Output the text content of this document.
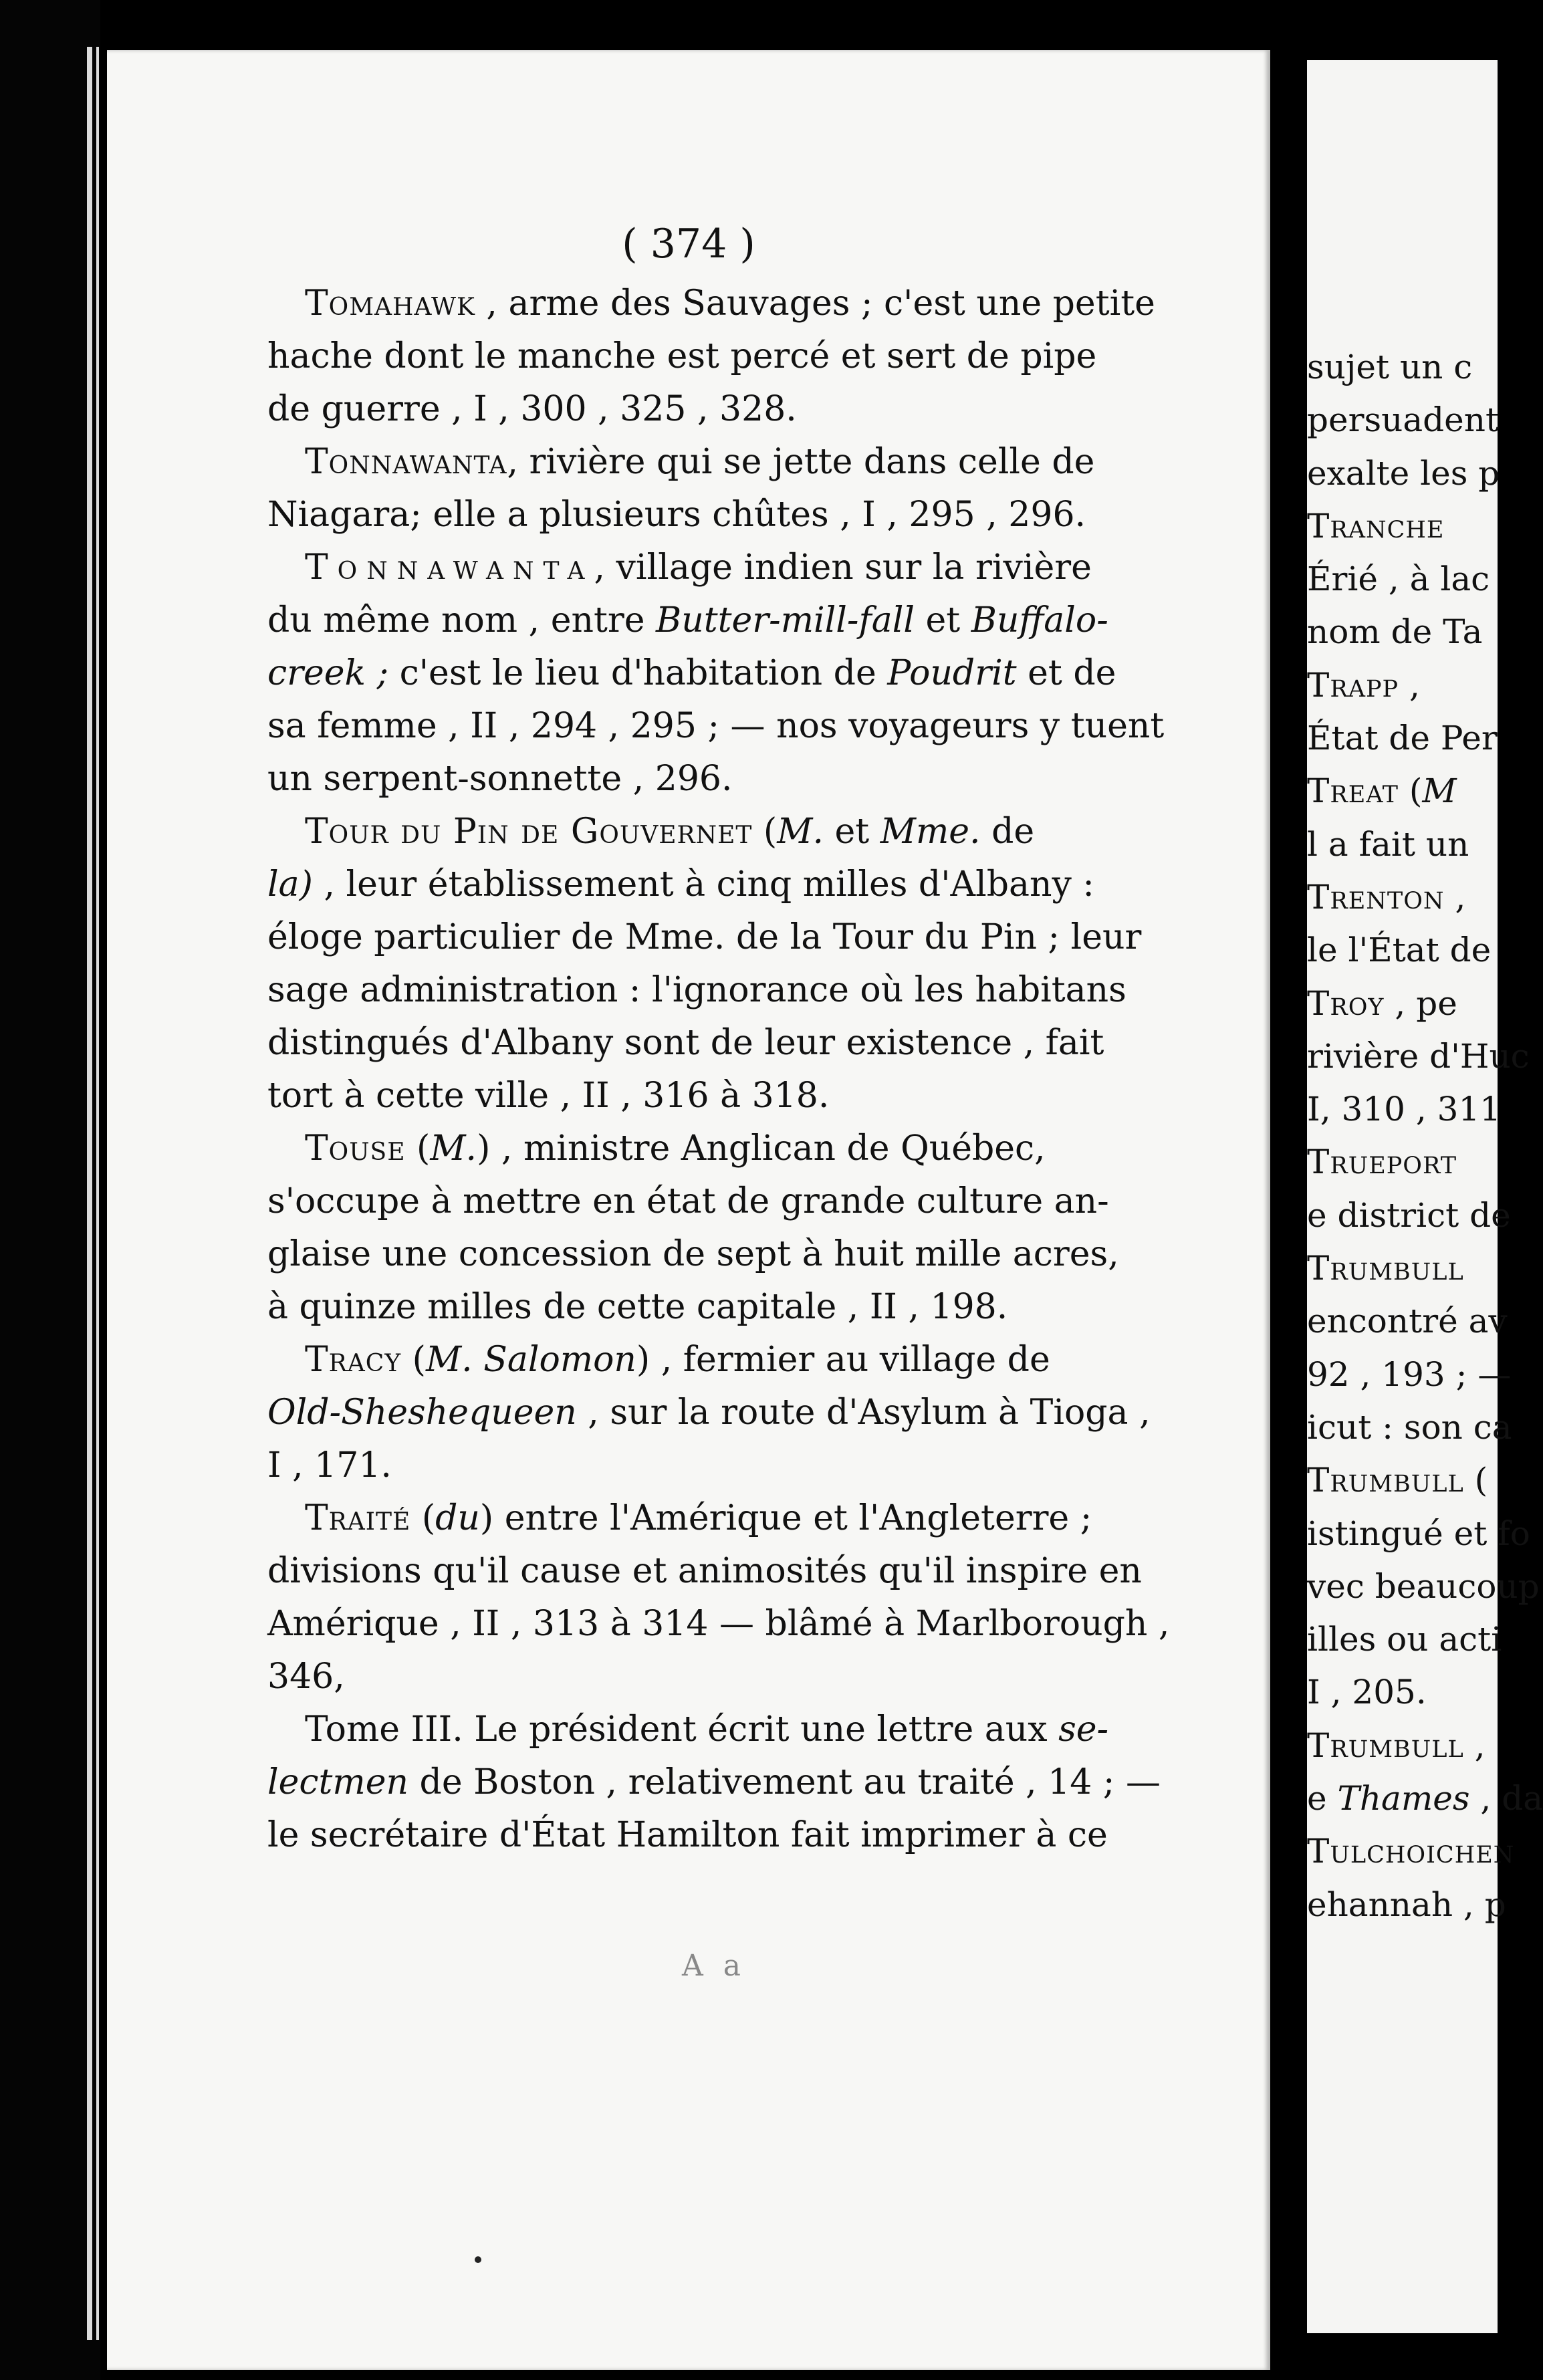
( 374 )
A a
Tomahawk , arme des Sauvages ; c'est une petite
hache dont le manche est percé et sert de pipe
de guerre , I , 300 , 325 , 328.
Tonnawanta, rivière qui se jette dans celle de
Niagara; elle a plusieurs chûtes , I , 295 , 296.
Tonnawanta, village indien sur la rivière
du même nom , entre Butter-mill-fall et Buffalo-
creek ; c'est le lieu d'habitation de Poudrit et de
sa femme , II , 294 , 295 ; — nos voyageurs y tuent
un serpent-sonnette , 296.
Tour du Pin de Gouvernet (M. et Mme. de
la) , leur établissement à cinq milles d'Albany :
éloge particulier de Mme. de la Tour du Pin ; leur
sage administration : l'ignorance où les habitans
distingués d'Albany sont de leur existence , fait
tort à cette ville , II , 316 à 318.
Touse (M.) , ministre Anglican de Québec,
s'occupe à mettre en état de grande culture an-
glaise une concession de sept à huit mille acres,
à quinze milles de cette capitale , II , 198.
Tracy (M. Salomon) , fermier au village de
Old-Sheshequeen , sur la route d'Asylum à Tioga ,
I , 171.
Traité (du) entre l'Amérique et l'Angleterre ;
divisions qu'il cause et animosités qu'il inspire en
Amérique , II , 313 à 314 — blâmé à Marlborough ,
346,
Tome III. Le président écrit une lettre aux se-
lectmen de Boston , relativement au traité , 14 ; —
le secrétaire d'État Hamilton fait imprimer à ce
sujet un c
persuadent
exalte les p
Tranche
Érié , à lac
nom de Ta
Trapp ,
État de Per
Treat (M
l a fait un
Trenton ,
le l'État de
Troy , pe
rivière d'Huc
I, 310 , 311
Trueport
e district de
Trumbull
encontré av
92 , 193 ; —
icut : son ca
Trumbull (
istingué et fo
vec beaucoup
illes ou acti
I , 205.
Trumbull ,
e Thames , da
Tulchoichen
ehannah , p
